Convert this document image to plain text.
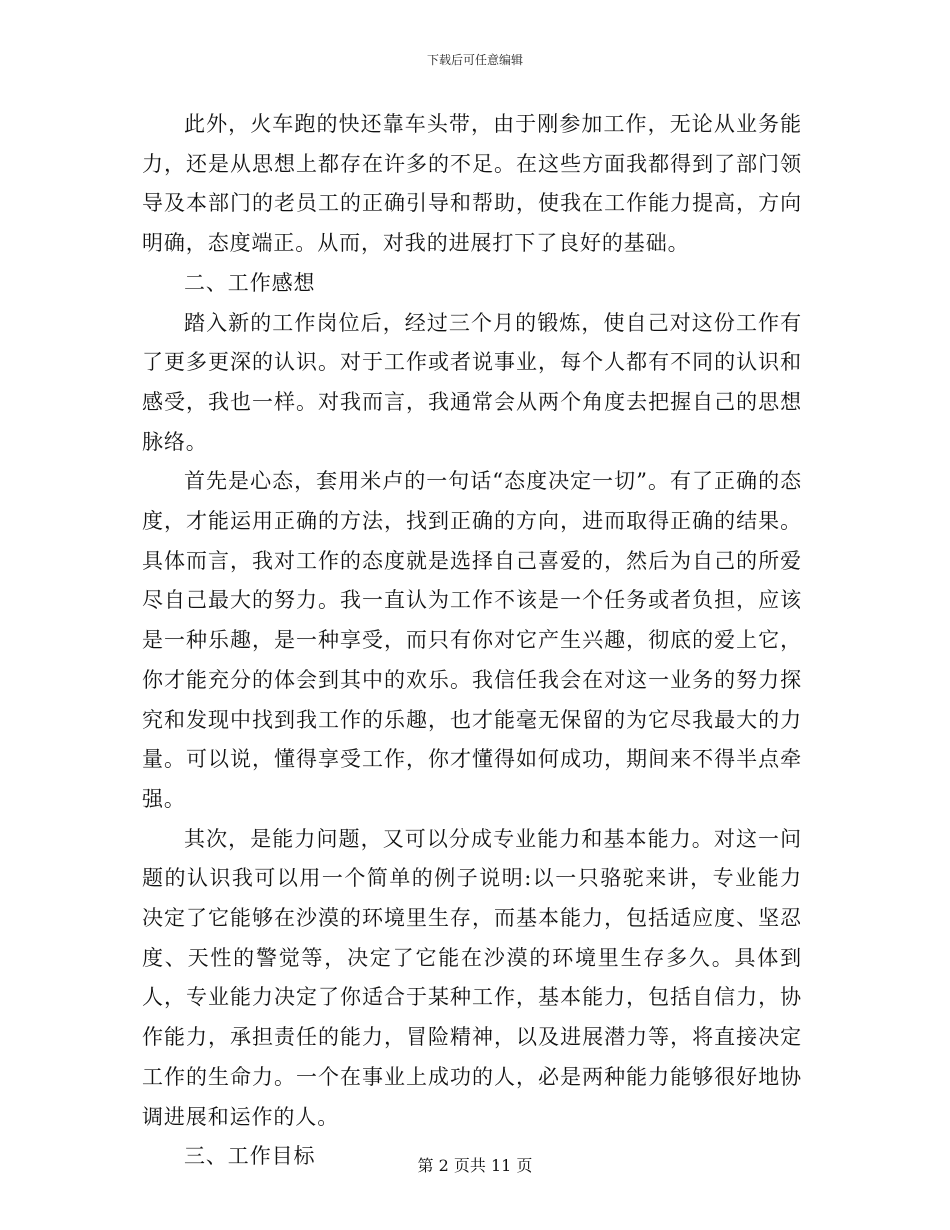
下载后可任意编辑

此外，火车跑的快还靠车头带，由于刚参加工作，无论从业务能力，还是从思想上都存在许多的不足。在这些方面我都得到了部门领导及本部门的老员工的正确引导和帮助，使我在工作能力提高，方向明确，态度端正。从而，对我的进展打下了良好的基础。

二、工作感想

踏入新的工作岗位后，经过三个月的锻炼，使自己对这份工作有了更多更深的认识。对于工作或者说事业，每个人都有不同的认识和感受，我也一样。对我而言，我通常会从两个角度去把握自己的思想脉络。

首先是心态，套用米卢的一句话“态度决定一切”。有了正确的态度，才能运用正确的方法，找到正确的方向，进而取得正确的结果。具体而言，我对工作的态度就是选择自己喜爱的，然后为自己的所爱尽自己最大的努力。我一直认为工作不该是一个任务或者负担，应该是一种乐趣，是一种享受，而只有你对它产生兴趣，彻底的爱上它，你才能充分的体会到其中的欢乐。我信任我会在对这一业务的努力探究和发现中找到我工作的乐趣，也才能毫无保留的为它尽我最大的力量。可以说，懂得享受工作，你才懂得如何成功，期间来不得半点牵强。

其次，是能力问题，又可以分成专业能力和基本能力。对这一问题的认识我可以用一个简单的例子说明:以一只骆驼来讲，专业能力决定了它能够在沙漠的环境里生存，而基本能力，包括适应度、坚忍度、天性的警觉等，决定了它能在沙漠的环境里生存多久。具体到人，专业能力决定了你适合于某种工作，基本能力，包括自信力，协作能力，承担责任的能力，冒险精神，以及进展潜力等，将直接决定工作的生命力。一个在事业上成功的人，必是两种能力能够很好地协调进展和运作的人。

三、工作目标	第 2 页共 11 页
